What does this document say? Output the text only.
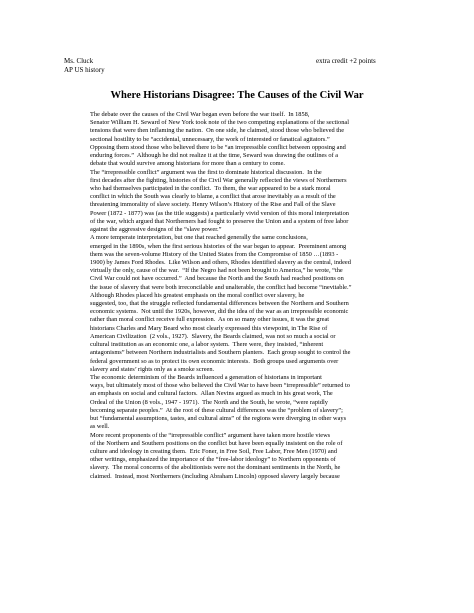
Ms. Cluck
AP US history
extra credit +2 points
Where Historians Disagree: The Causes of the Civil War

The debate over the causes of the Civil War began even before the war itself.  In 1858,
Senator William H. Seward of New York took note of the two competing explanations of the sectional
tensions that were then inflaming the nation.  On one side, he claimed, stood those who believed the
sectional hostility to be “accidental, unnecessary, the work of interested or fanatical agitators.”
Opposing them stood those who believed there to be “an irrepressible conflict between opposing and
enduring forces.”  Although he did not realize it at the time, Seward was drawing the outlines of a
debate that would survive among historians for more than a century to come.

The “irrepressible conflict” argument was the first to dominate historical discussion.  In the
first decades after the fighting, histories of the Civil War generally reflected the views of Northerners
who had themselves participated in the conflict.  To them, the war appeared to be a stark moral
conflict in which the South was clearly to blame, a conflict that arose inevitably as a result of the
threatening immorality of slave society. Henry Wilson’s History of the Rise and Fall of the Slave
Power (1872 - 1877) was (as the title suggests) a particularly vivid version of this moral interpretation
of the war, which argued that Northerners had fought to preserve the Union and a system of free labor
against the aggressive designs of the “slave power.”

A more temperate interpretation, but one that reached generally the same conclusions,
emerged in the 1890s, when the first serious histories of the war began to appear.  Preeminent among
them was the seven-volume History of the United States from the Compromise of 1850 …(1893 -
1900) by James Ford Rhodes.  Like Wilson and others, Rhodes identified slavery as the central, indeed
virtually the only, cause of the war.  “If the Negro had not been brought to America,” he wrote, “the
Civil War could not have occurred.”  And because the North and the South had reached positions on
the issue of slavery that were both irreconcilable and unalterable, the conflict had become “inevitable.”

Although Rhodes placed his greatest emphasis on the moral conflict over slavery, he
suggested, too, that the struggle reflected fundamental differences between the Northern and Southern
economic systems.  Not until the 1920s, however, did the idea of the war as an irrepressible economic
rather than moral conflict receive full expression.  As on so many other issues, it was the great
historians Charles and Mary Beard who most clearly expressed this viewpoint, in The Rise of
American Civilization  (2 vols., 1927).  Slavery, the Beards claimed, was not so much a social or
cultural institution as an economic one, a labor system.  There were, they insisted, “inherent
antagonisms” between Northern industrialists and Southern planters.  Each group sought to control the
federal government so as to protect its own economic interests.  Both groups used arguments over
slavery and states’ rights only as a smoke screen.

The economic determinism of the Beards influenced a generation of historians in important
ways, but ultimately most of those who believed the Civil War to have been “irrepressible” returned to
an emphasis on social and cultural factors.  Allan Nevins argued as much in his great work, The
Ordeal of the Union (8 vols., 1947 - 1971).  The North and the South, he wrote, “were rapidly
becoming separate peoples.”  At the root of these cultural differences was the “problem of slavery”;
but “fundamental assumptions, tastes, and cultural aims” of the regions were diverging in other ways
as well.

More recent proponents of the “irrepressible conflict” argument have taken more hostile views
of the Northern and Southern positions on the conflict but have been equally insistent on the role of
culture and ideology in creating them.  Eric Foner, in Free Soil, Free Labor, Free Men (1970) and
other writings, emphasized the importance of the “free-labor ideology” to Northern opponents of
slavery.  The moral concerns of the abolitionists were not the dominant sentiments in the North, he
claimed.  Instead, most Northerners (including Abraham Lincoln) opposed slavery largely because
